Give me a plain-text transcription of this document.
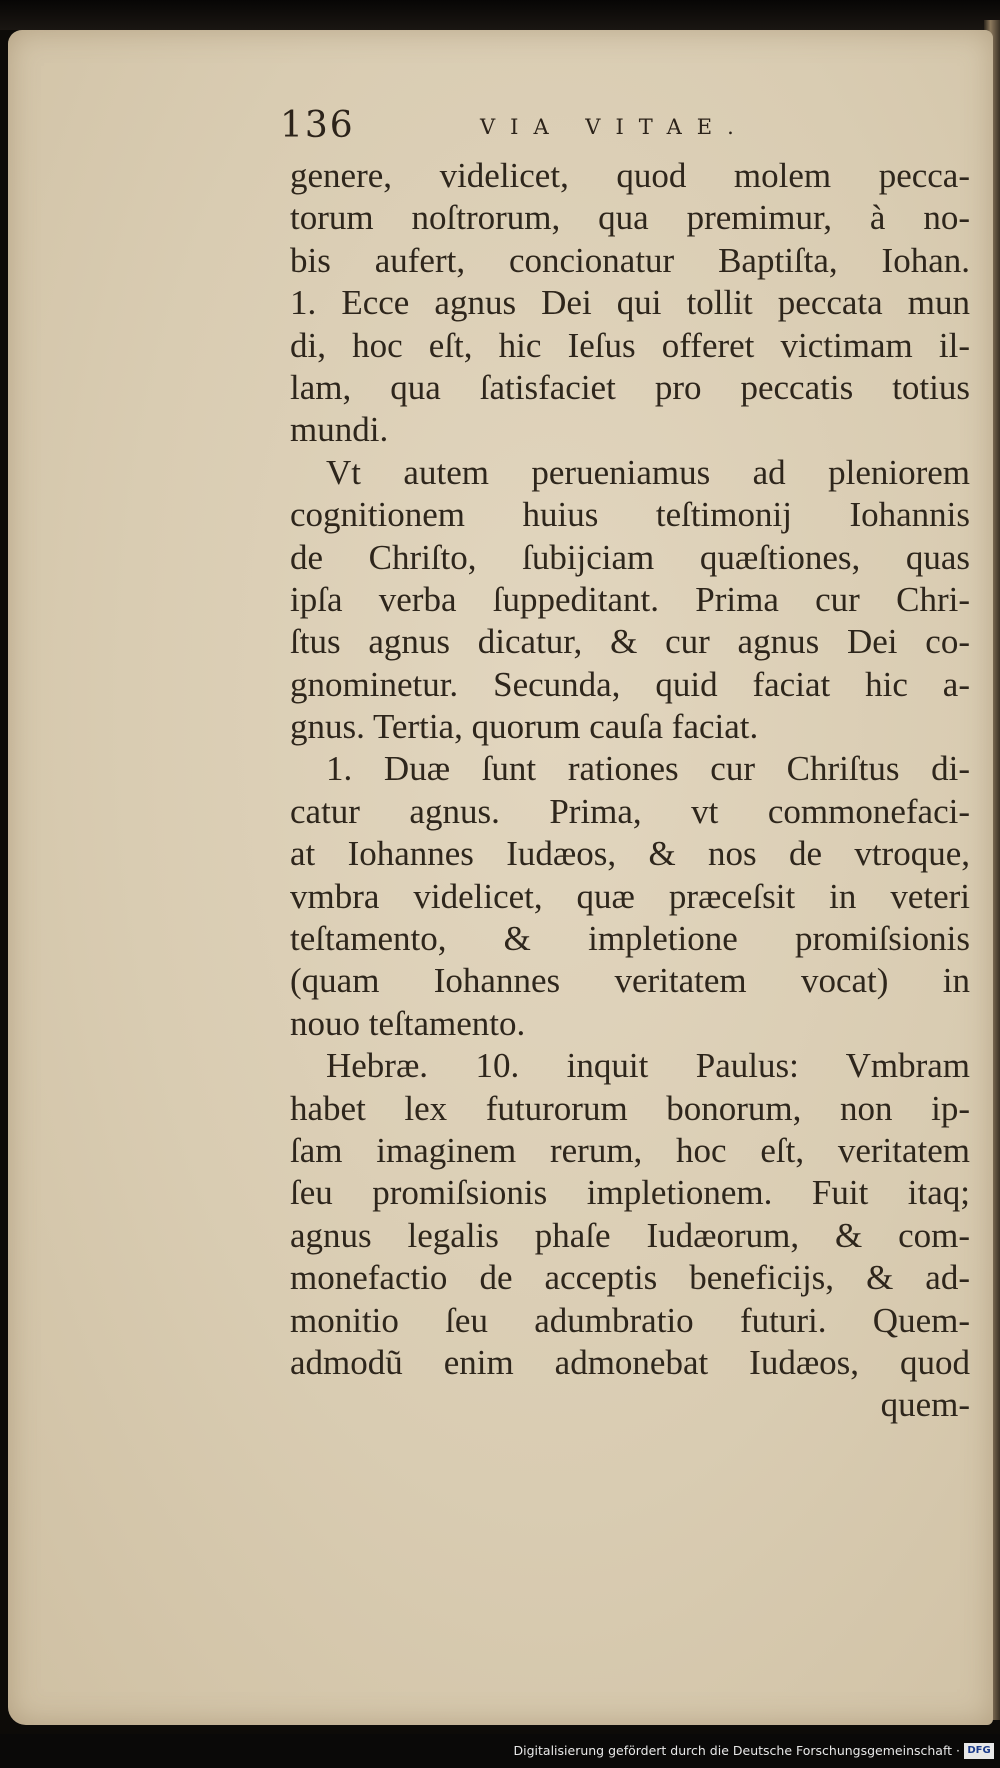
136	VIA VITAE.
genere, videlicet, quod molem pecca-
torum noſtrorum, qua premimur, à no-
bis aufert, concionatur Baptiſta, Iohan.
1. Ecce agnus Dei qui tollit peccata mun
di, hoc eſt, hic Ieſus offeret victimam il-
lam, qua ſatisfaciet pro peccatis totius
mundi.
Vt autem perueniamus ad pleniorem
cognitionem huius teſtimonij Iohannis
de Chriſto, ſubijciam quæſtiones, quas
ipſa verba ſuppeditant. Prima cur Chri-
ſtus agnus dicatur, & cur agnus Dei co-
gnominetur. Secunda, quid faciat hic a-
gnus. Tertia, quorum cauſa faciat.
1. Duæ ſunt rationes cur Chriſtus di-
catur agnus. Prima, vt commonefaci-
at Iohannes Iudæos, & nos de vtroque,
vmbra videlicet, quæ præceſsit in veteri
teſtamento, & impletione promiſsionis
(quam Iohannes veritatem vocat) in
nouo teſtamento.
Hebræ. 10. inquit Paulus: Vmbram
habet lex futurorum bonorum, non ip-
ſam imaginem rerum, hoc eſt, veritatem
ſeu promiſsionis impletionem. Fuit itaq;
agnus legalis phaſe Iudæorum, & com-
monefactio de acceptis beneficijs, & ad-
monitio ſeu adumbratio futuri. Quem-
admodũ enim admonebat Iudæos, quod
quem-
Digitalisierung gefördert durch die Deutsche Forschungsgemeinschaft · DFG
